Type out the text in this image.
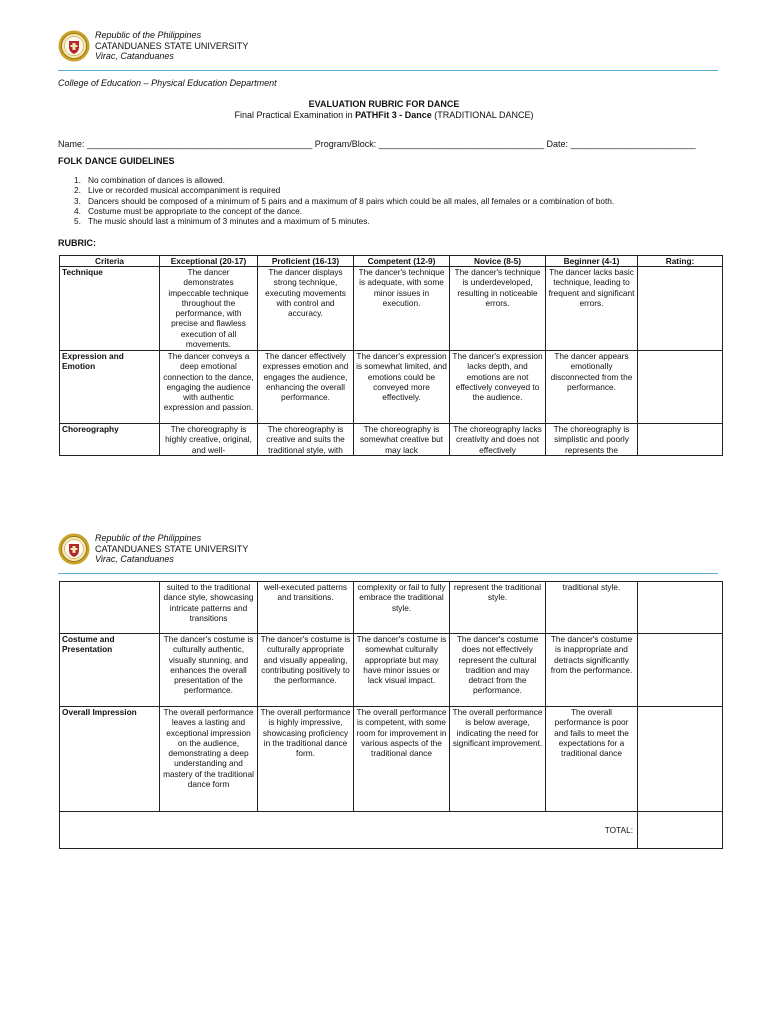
Republic of the Philippines
CATANDUANES STATE UNIVERSITY
Virac, Catanduanes
College of Education – Physical Education Department
EVALUATION RUBRIC FOR DANCE
Final Practical Examination in PATHFit 3 - Dance (TRADITIONAL DANCE)
Name: _____________________________________________ Program/Block: _________________________________ Date: _________________________
FOLK DANCE GUIDELINES
1. No combination of dances is allowed.
2. Live or recorded musical accompaniment is required
3. Dancers should be composed of a minimum of 5 pairs and a maximum of 8 pairs which could be all males, all females or a combination of both.
4. Costume must be appropriate to the concept of the dance.
5. The music should last a minimum of 3 minutes and a maximum of 5 minutes.
RUBRIC:
Criteria	Exceptional (20-17)	Proficient (16-13)	Competent (12-9)	Novice (8-5)	Beginner (4-1)	Rating:
Technique	The dancer demonstrates impeccable technique throughout the performance, with precise and flawless execution of all movements.	The dancer displays strong technique, executing movements with control and accuracy.	The dancer's technique is adequate, with some minor issues in execution.	The dancer's technique is underdeveloped, resulting in noticeable errors.	The dancer lacks basic technique, leading to frequent and significant errors.	
Expression and Emotion	The dancer conveys a deep emotional connection to the dance, engaging the audience with authentic expression and passion.	The dancer effectively expresses emotion and engages the audience, enhancing the overall performance.	The dancer's expression is somewhat limited, and emotions could be conveyed more effectively.	The dancer's expression lacks depth, and emotions are not effectively conveyed to the audience.	The dancer appears emotionally disconnected from the performance.	
Choreography	The choreography is highly creative, original, and well-	The choreography is creative and suits the traditional style, with	The choreography is somewhat creative but may lack	The choreography lacks creativity and does not effectively	The choreography is simplistic and poorly represents the	

Republic of the Philippines
CATANDUANES STATE UNIVERSITY
Virac, Catanduanes
	suited to the traditional dance style, showcasing intricate patterns and transitions	well-executed patterns and transitions.	complexity or fail to fully embrace the traditional style.	represent the traditional style.	traditional style.	
Costume and Presentation	The dancer's costume is culturally authentic, visually stunning, and enhances the overall presentation of the performance.	The dancer's costume is culturally appropriate and visually appealing, contributing positively to the performance.	The dancer's costume is somewhat culturally appropriate but may have minor issues or lack visual impact.	The dancer's costume does not effectively represent the cultural tradition and may detract from the performance.	The dancer's costume is inappropriate and detracts significantly from the performance.	
Overall Impression	The overall performance leaves a lasting and exceptional impression on the audience, demonstrating a deep understanding and mastery of the traditional dance form	The overall performance is highly impressive, showcasing proficiency in the traditional dance form.	The overall performance is competent, with some room for improvement in various aspects of the traditional dance	The overall performance is below average, indicating the need for significant improvement.	The overall performance is poor and fails to meet the expectations for a traditional dance	
TOTAL:						
